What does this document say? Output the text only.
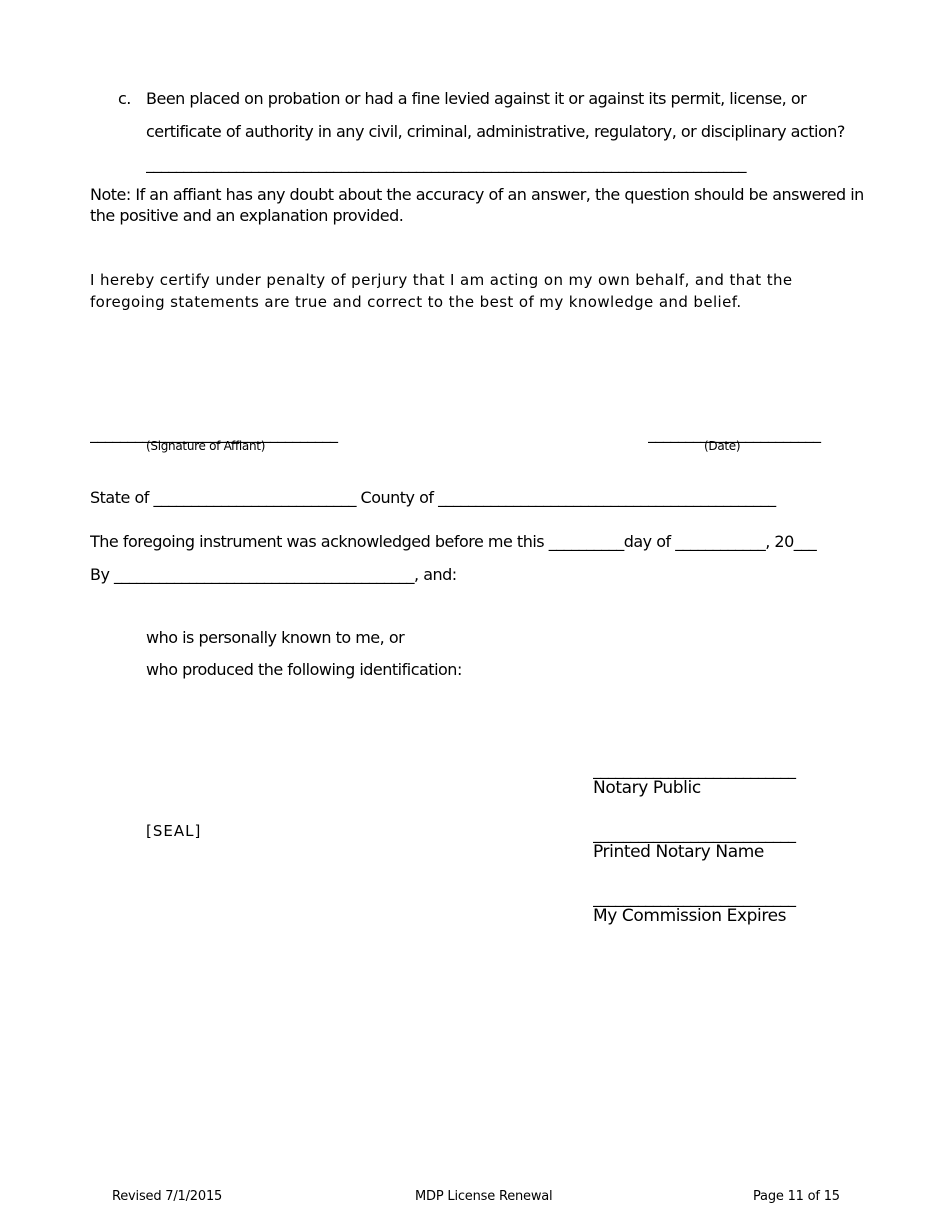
c. Been placed on probation or had a fine levied against it or against its permit, license, or
certificate of authority in any civil, criminal, administrative, regulatory, or disciplinary action?
________________________________________________________________________________
Note: If an affiant has any doubt about the accuracy of an answer, the question should be answered in
the positive and an explanation provided.
I hereby certify under penalty of perjury that I am acting on my own behalf, and that the
foregoing statements are true and correct to the best of my knowledge and belief.
_________________________________
(Signature of Affiant)
_______________________
(Date)
State of ___________________________ County of _____________________________________________
The foregoing instrument was acknowledged before me this __________day of ____________, 20___
By ________________________________________, and:
who is personally known to me, or
who produced the following identification:
___________________________
Notary Public
[SEAL]	___________________________
Printed Notary Name
___________________________
My Commission Expires
Revised 7/1/2015	MDP License Renewal	Page 11 of 15
